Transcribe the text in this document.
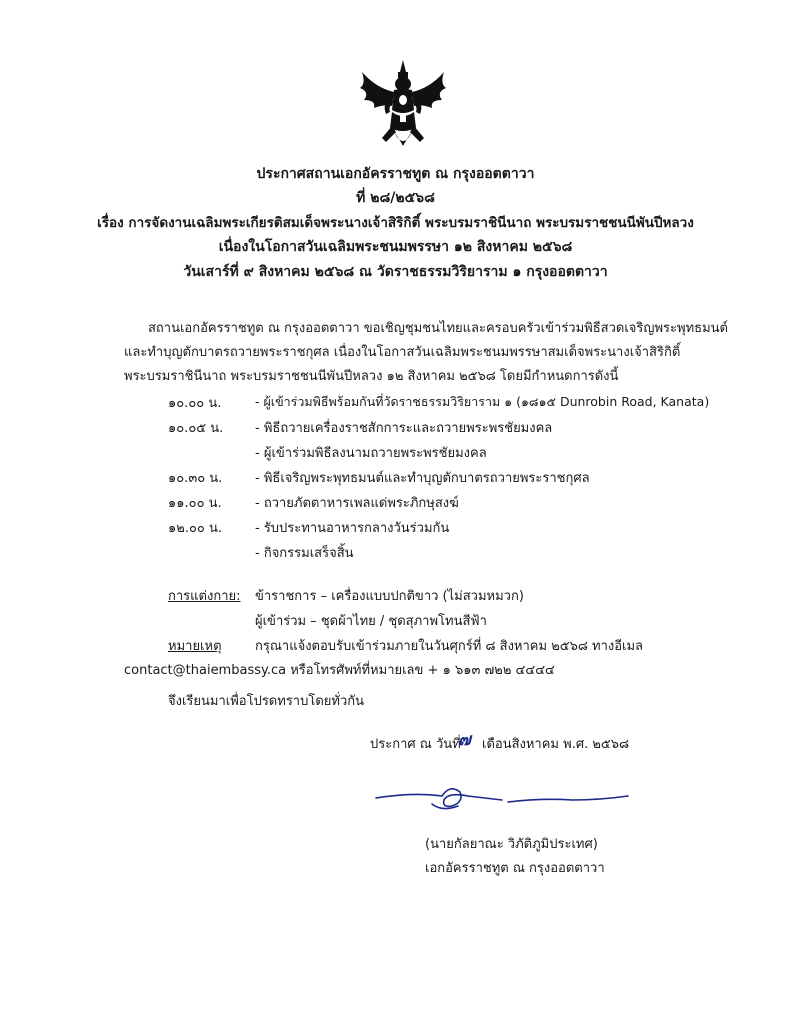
ประกาศสถานเอกอัครราชทูต ณ กรุงออตตาวา
ที่ ๒๘/๒๕๖๘
เรื่อง การจัดงานเฉลิมพระเกียรติสมเด็จพระนางเจ้าสิริกิติ์ พระบรมราชินีนาถ พระบรมราชชนนีพันปีหลวง
เนื่องในโอกาสวันเฉลิมพระชนมพรรษา ๑๒ สิงหาคม ๒๕๖๘
วันเสาร์ที่ ๙ สิงหาคม ๒๕๖๘ ณ วัดราชธรรมวิริยาราม ๑ กรุงออตตาวา
สถานเอกอัครราชทูต ณ กรุงออตตาวา ขอเชิญชุมชนไทยและครอบครัวเข้าร่วมพิธีสวดเจริญพระพุทธมนต์
และทำบุญตักบาตรถวายพระราชกุศล เนื่องในโอกาสวันเฉลิมพระชนมพรรษาสมเด็จพระนางเจ้าสิริกิติ์
พระบรมราชินีนาถ พระบรมราชชนนีพันปีหลวง ๑๒ สิงหาคม ๒๕๖๘ โดยมีกำหนดการดังนี้
๑๐.๐๐ น.	- ผู้เข้าร่วมพิธีพร้อมกันที่วัดราชธรรมวิริยาราม ๑ (๑๘๑๕ Dunrobin Road, Kanata)
๑๐.๐๕ น. - พิธีถวายเครื่องราชสักการะและถวายพระพรชัยมงคล
- ผู้เข้าร่วมพิธีลงนามถวายพระพรชัยมงคล
๑๐.๓๐ น.	- พิธีเจริญพระพุทธมนต์และทำบุญตักบาตรถวายพระราชกุศล
๑๑.๐๐ น.	- ถวายภัตตาหารเพลแด่พระภิกษุสงฆ์
๑๒.๐๐ น.	- รับประทานอาหารกลางวันร่วมกัน
- กิจกรรมเสร็จสิ้น
การแต่งกาย: ข้าราชการ – เครื่องแบบปกติขาว (ไม่สวมหมวก)
ผู้เข้าร่วม – ชุดผ้าไทย / ชุดสุภาพโทนสีฟ้า
หมายเหตุ	กรุณาแจ้งตอบรับเข้าร่วมภายในวันศุกร์ที่ ๘ สิงหาคม ๒๕๖๘ ทางอีเมล
contact@thaiembassy.ca หรือโทรศัพท์ที่หมายเลข + ๑ ๖๑๓ ๗๒๒ ๔๔๔๔
จึงเรียนมาเพื่อโปรดทราบโดยทั่วกัน
ประกาศ ณ วันที่
๗ เดือนสิงหาคม พ.ศ. ๒๕๖๘
(นายกัลยาณะ วิภัติภูมิประเทศ)
เอกอัครราชทูต ณ กรุงออตตาวา
